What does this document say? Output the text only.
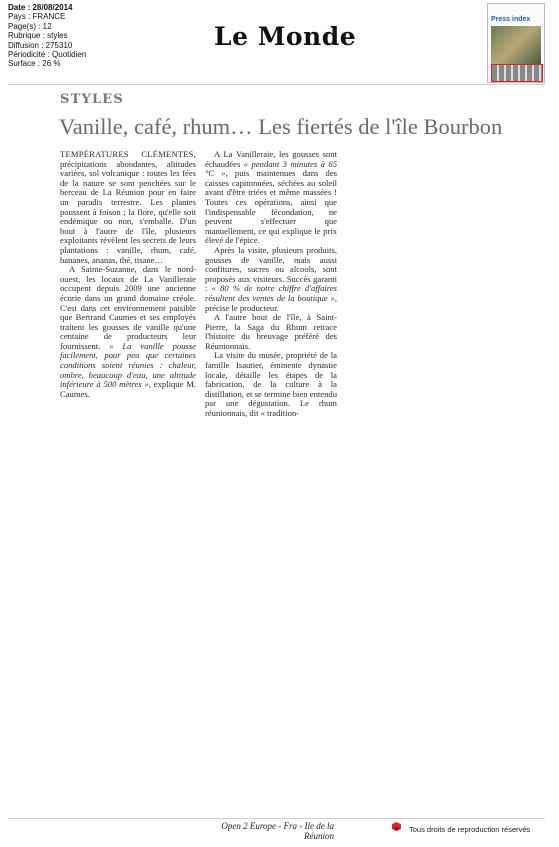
Date : 28/08/2014
Pays : FRANCE
Page(s) : 12
Rubrique : styles
Diffusion : 275310
Périodicité : Quotidien
Surface : 26 %
Le Monde
Press index
STYLES
Vanille, café, rhum… Les fiertés de l'île Bourbon

TEMPÉRATURES CLÉMENTES, précipitations abondantes, altitudes variées, sol volcanique : toutes les fées de la nature se sont penchées sur le berceau de La Réunion pour en faire un paradis terrestre. Les plantes poussent à foison ; la flore, qu'elle soit endémique ou non, s'emballe. D'un bout à l'autre de l'île, plusieurs exploitants révèlent les secrets de leurs plantations : vanille, rhum, café, bananes, ananas, thé, tisane…

A Sainte-Suzanne, dans le nord-ouest, les locaux de La Vanilleraie occupent depuis 2009 une ancienne écurie dans un grand domaine créole. C'est dans cet environnement paisible que Bertrand Caumes et ses employés traitent les gousses de vanille qu'une centaine de producteurs leur fournissent. « La vanille pousse facilement, pour peu que certaines conditions soient réunies : chaleur, ombre, beaucoup d'eau, une altitude inférieure à 500 mètres », explique M. Caumes.

A La Vanilleraie, les gousses sont échaudées « pendant 3 minutes à 65 °C », puis maintenues dans des caisses capitonnées, séchées au soleil avant d'être triées et même massées ! Toutes ces opérations, ainsi que l'indispensable fécondation, ne peuvent s'effectuer que manuellement, ce qui explique le prix élevé de l'épice.

Après la visite, plusieurs produits, gousses de vanille, mais aussi confitures, sucres ou alcools, sont proposés aux visiteurs. Succès garanti : « 80 % de notre chiffre d'affaires résultent des ventes de la boutique », précise le producteur.

A l'autre bout de l'île, à Saint-Pierre, la Saga du Rhum retrace l'histoire du breuvage préféré des Réunionnais.

La visite du musée, propriété de la famille Isautier, éminente dynastie locale, détaille les étapes de la fabrication, de la culture à la distillation, et se termine bien entendu par une dégustation. Le rhum réunionnais, dit « tradition-

Open 2 Europe - Fra - Ile de la
Réunion
Tous droits de reproduction réservés
